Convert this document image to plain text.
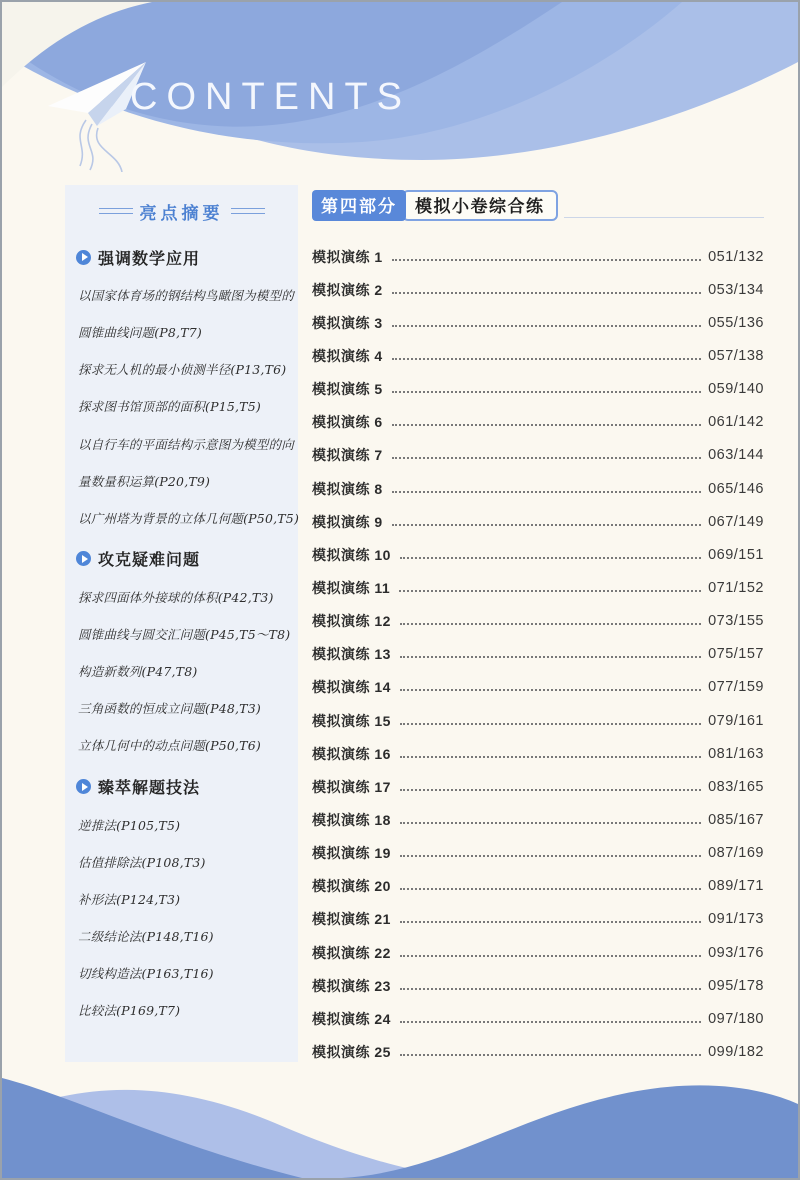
CONTENTS
亮点摘要
强调数学应用
以国家体育场的钢结构鸟瞰图为模型的
圆锥曲线问题(P8,T7)
探求无人机的最小侦测半径(P13,T6)
探求图书馆顶部的面积(P15,T5)
以自行车的平面结构示意图为模型的向
量数量积运算(P20,T9)
以广州塔为背景的立体几何题(P50,T5)
攻克疑难问题
探求四面体外接球的体积(P42,T3)
圆锥曲线与圆交汇问题(P45,T5～T8)
构造新数列(P47,T8)
三角函数的恒成立问题(P48,T3)
立体几何中的动点问题(P50,T6)
臻萃解题技法
逆推法(P105,T5)
估值排除法(P108,T3)
补形法(P124,T3)
二级结论法(P148,T16)
切线构造法(P163,T16)
比较法(P169,T7)
第四部分	模拟小卷综合练
模拟演练 1	051/132
模拟演练 2	053/134
模拟演练 3	055/136
模拟演练 4	057/138
模拟演练 5	059/140
模拟演练 6	061/142
模拟演练 7	063/144
模拟演练 8	065/146
模拟演练 9	067/149
模拟演练 10	069/151
模拟演练 11	071/152
模拟演练 12	073/155
模拟演练 13	075/157
模拟演练 14	077/159
模拟演练 15	079/161
模拟演练 16	081/163
模拟演练 17	083/165
模拟演练 18	085/167
模拟演练 19	087/169
模拟演练 20	089/171
模拟演练 21	091/173
模拟演练 22	093/176
模拟演练 23	095/178
模拟演练 24	097/180
模拟演练 25	099/182
